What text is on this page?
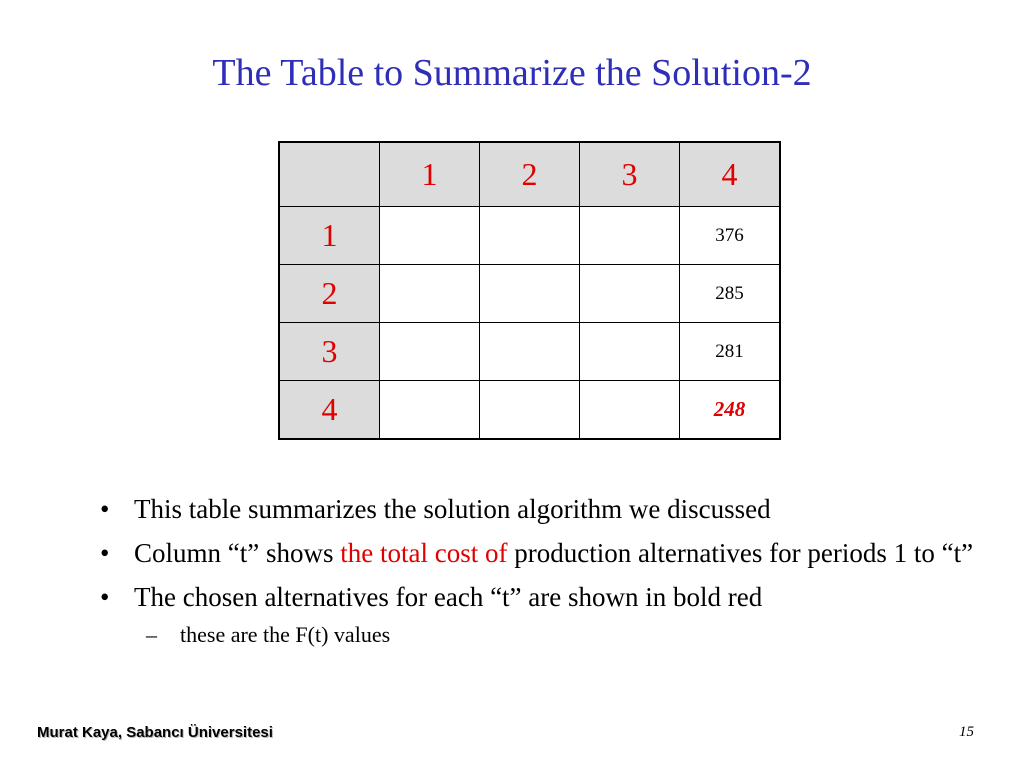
The Table to Summarize the Solution-2
	1	2	3	4
1				376
2				285
3				281
4				248
• This table summarizes the solution algorithm we discussed
• Column “t” shows the total cost of production alternatives for periods 1 to “t”
• The chosen alternatives for each “t” are shown in bold red
– these are the F(t) values
Murat Kaya, Sabancı Üniversitesi	15
